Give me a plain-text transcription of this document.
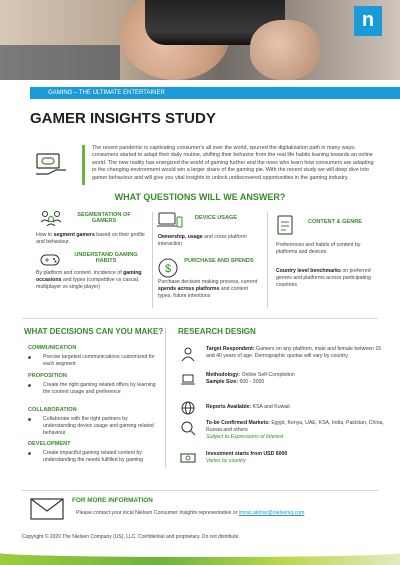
n
GAMING – THE ULTIMATE ENTERTAINER
GAMER INSIGHTS STUDY
The recent pandemic is captivating consumer's all over the world, spurred the digitalization path in many ways; consumers started to adapt their daily routine, shifting their behavior from the real life habits leaning towards an online world. The new reality has energized the world of gaming further and the ones who learn how consumers are adapting to the changing environment would win a larger share of the gaming pie. With the recent study we will deep dive into gamer behaviour and will give you vital insights to unlock undiscovered opportunities in the gaming industry.
WHAT QUESTIONS WILL WE ANSWER?
SEGMENTATION OF GAMERS
How to segment gamers based on their profile and behaviour.
UNDERSTAND GAMING HABITS
By platform and content. Incidence of gaming occasions and types (competitive vs casual, multiplayer vs single player)
DEVICE USAGE
Ownership, usage and cross platform interaction
$
PURCHASE AND SPENDS
Purchase decision making process, current spends across platforms and content types, future intentions
CONTENT & GENRE
Preferences and habits of content by platforms and devices
Country level benchmarks on preferred genres and platforms across participating countries
WHAT DECISIONS CAN YOU MAKE?
COMMUNICATION
Precise targeted communications customized for each segment
PROPOSITION
Create the right gaming related offers by learning the content usage and preference
COLLABORATION
Collaborate with the right partners by understanding device usage and gaming related behaviour
DEVELOPMENT
Create impactful gaming related content by understanding the needs fulfilled by gaming
RESEARCH DESIGN
Target Respondent: Gamers on any platform, male and female between 15 and 40 years of age. Demographic quotas will vary by country.
Methodology: Online Self-Completion
Sample Size: 600 - 2000
Reports Available: KSA and Kuwait
To-be Confirmed Markets: Egypt, Kenya, UAE, KSA, India, Pakistan, China, Russia and others
Subject to Expressions of Interest
Investment starts from USD 6000
Varies by country
FOR MORE INFORMATION
Please contact your local Nielsen Consumer Insights representative or imraz.akhtar@nielseniq.com
Copyright © 2020 The Nielsen Company (US), LLC. Confidential and proprietary. Do not distribute.
